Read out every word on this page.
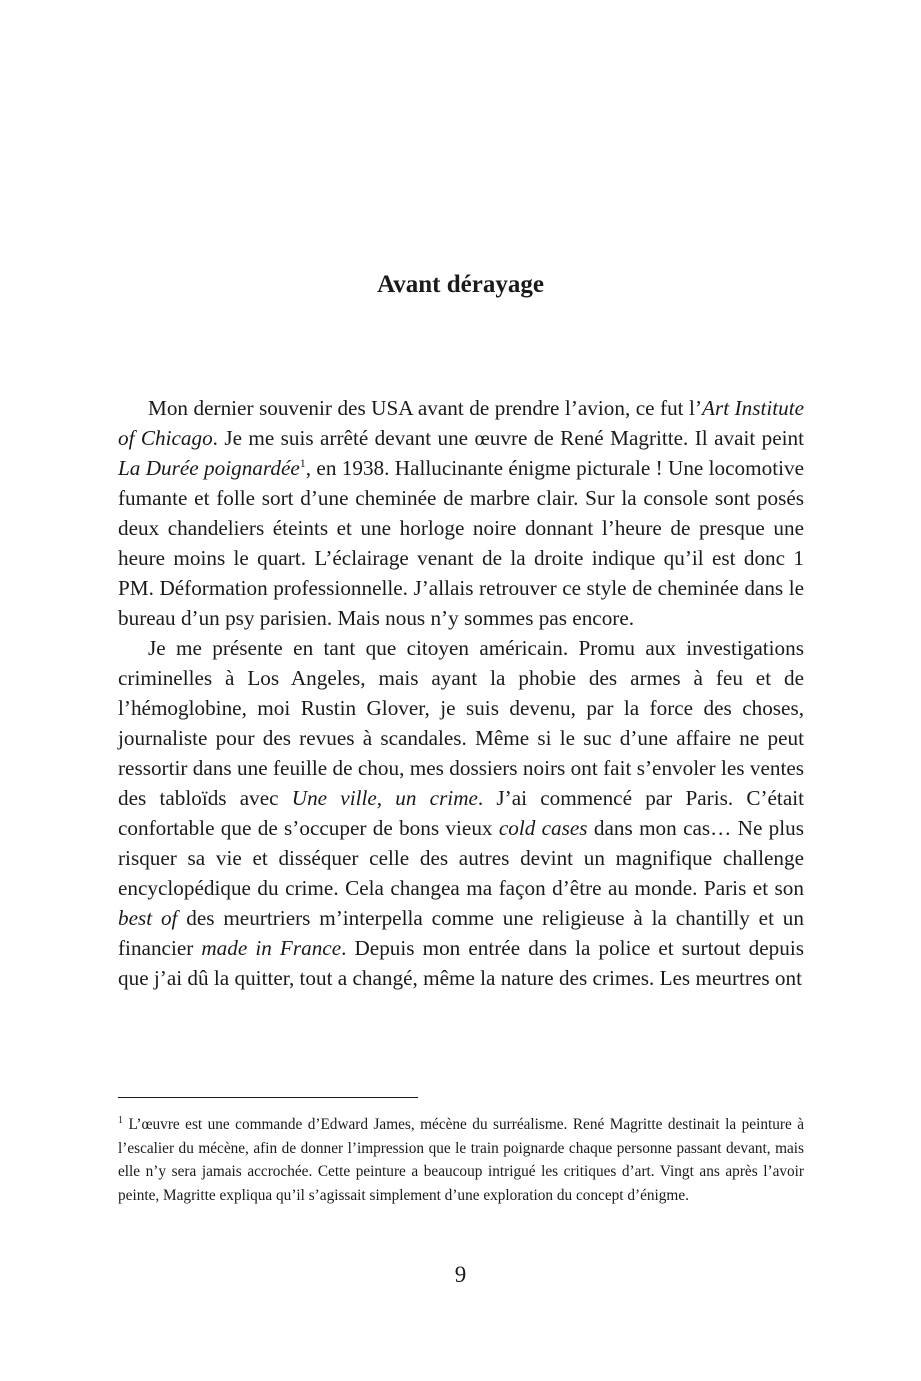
Avant dérayage

Mon dernier souvenir des USA avant de prendre l’avion, ce fut l’Art Institute of Chicago. Je me suis arrêté devant une œuvre de René Magritte. Il avait peint La Durée poignardée$^1$, en 1938. Hallucinante énigme picturale ! Une locomotive fumante et folle sort d’une cheminée de marbre clair. Sur la console sont posés deux chandeliers éteints et une horloge noire donnant l’heure de presque une heure moins le quart. L’éclairage venant de la droite indique qu’il est donc 1 PM. Déformation professionnelle. J’allais retrouver ce style de cheminée dans le bureau d’un psy parisien. Mais nous n’y sommes pas encore.

Je me présente en tant que citoyen américain. Promu aux investigations criminelles à Los Angeles, mais ayant la phobie des armes à feu et de l’hémoglobine, moi Rustin Glover, je suis devenu, par la force des choses, journaliste pour des revues à scandales. Même si le suc d’une affaire ne peut ressortir dans une feuille de chou, mes dossiers noirs ont fait s’envoler les ventes des tabloïds avec Une ville, un crime. J’ai commencé par Paris. C’était confortable que de s’occuper de bons vieux cold cases dans mon cas… Ne plus risquer sa vie et disséquer celle des autres devint un magnifique challenge encyclopédique du crime. Cela changea ma façon d’être au monde. Paris et son best of des meurtriers m’interpella comme une religieuse à la chantilly et un financier made in France. Depuis mon entrée dans la police et surtout depuis que j’ai dû la quitter, tout a changé, même la nature des crimes. Les meurtres ont

$^1$ L’œuvre est une commande d’Edward James, mécène du surréalisme. René Magritte destinait la peinture à l’escalier du mécène, afin de donner l’impression que le train poignarde chaque personne passant devant, mais elle n’y sera jamais accrochée. Cette peinture a beaucoup intrigué les critiques d’art. Vingt ans après l’avoir peinte, Magritte expliqua qu’il s’agissait simplement d’une exploration du concept d’énigme.

9
